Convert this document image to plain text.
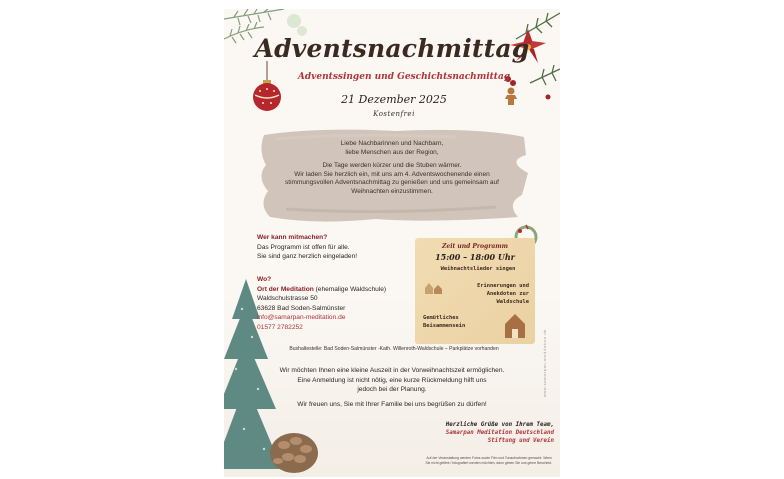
Adventsnachmittag
Adventssingen und Geschichtsnachmittag
21 Dezember 2025
Kostenfrei

Liebe Nachbarinnen und Nachbarn,
liebe Menschen aus der Region,

Die Tage werden kürzer und die Stuben wärmer.
Wir laden Sie herzlich ein, mit uns am 4. Adventswochenende einen
stimmungsvollen Adventsnachmittag zu genießen und uns gemeinsam auf
Weihnachten einzustimmen.

Wer kann mitmachen?
Das Programm ist offen für alle.
Sie sind ganz herzlich eingeladen!
Wo?
Ort der Meditation (ehemalige Waldschule)
Waldschulstrasse 50
63628 Bad Soden-Salmünster
info@samarpan-meditation.de
01577 2782252
Zeit und Programm
15:00 – 18:00 Uhr
Weihnachtslieder singen
Erinnerungen und
Anekdoten zur
Waldschule
Gemütliches
Beisammensein
Bushaltestelle: Bad Soden-Salmünster -Kath. Willenroth-Waldschule – Parkplätze vorhanden

Wir möchten Ihnen eine kleine Auszeit in der Vorweihnachtszeit ermöglichen.
Eine Anmeldung ist nicht nötig, eine kurze Rückmeldung hilft uns
jedoch bei der Planung.

Wir freuen uns, Sie mit Ihrer Familie bei uns begrüßen zu dürfen!

Herzliche Grüße von Ihrem Team,
Samarpan Meditation Deutschland
Stiftung und Verein
Auf der Veranstaltung werden Fotos sowie Film und Tonaufnahmen gemacht. Wenn
Sie nicht gefilmt / fotografiert werden möchten, dann geben Sie uns gerne Bescheid.
www.samarpan-meditation.de
